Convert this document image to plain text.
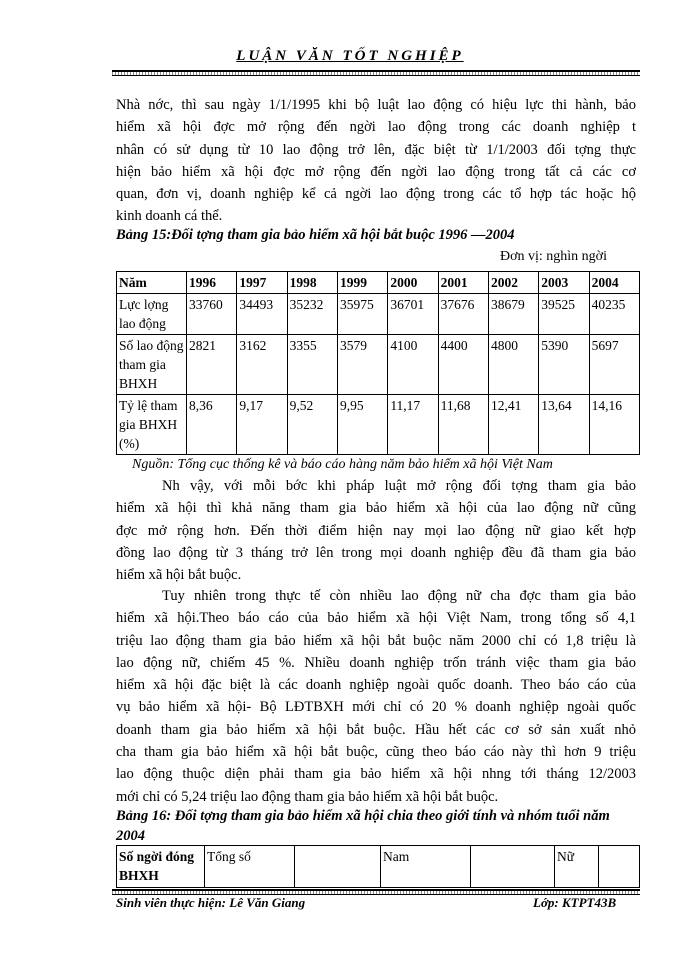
LUẬN VĂN TỐT NGHIỆP
Nhà nớc, thì sau ngày 1/1/1995 khi bộ luật lao động có hiệu lực thi hành, bảo
hiểm xã hội đợc mở rộng đến ngời lao động trong các doanh nghiệp t
nhân có sử dụng từ 10 lao động trở lên, đặc biệt từ 1/1/2003 đối tợng thực
hiện bảo hiểm xã hội đợc mở rộng đến ngời lao động trong tất cả các cơ
quan, đơn vị, doanh nghiệp kể cả ngời lao động trong các tổ hợp tác hoặc hộ
kinh doanh cá thể.
Bảng 15:Đối tợng tham gia bảo hiểm xã hội bắt buộc 1996 —2004
Đơn vị: nghìn ngời
Năm	1996	1997	1998	1999	2000	2001	2002	2003	2004
Lực lợng lao động	33760	34493	35232	35975	36701	37676	38679	39525	40235
Số lao động tham gia BHXH	2821	3162	3355	3579	4100	4400	4800	5390	5697
Tỷ lệ tham gia BHXH (%)	8,36	9,17	9,52	9,95	11,17	11,68	12,41	13,64	14,16
Nguồn: Tổng cục thống kê và báo cáo hàng năm bảo hiểm xã hội Việt Nam
Nh vậy, với mỗi bớc khi pháp luật mở rộng đối tợng tham gia bảo
hiểm xã hội thì khả năng tham gia bảo hiểm xã hội của lao động nữ cũng
đợc mở rộng hơn. Đến thời điểm hiện nay mọi lao động nữ giao kết hợp
đồng lao động từ 3 tháng trở lên trong mọi doanh nghiệp đều đã tham gia bảo
hiểm xã hội bắt buộc.
Tuy nhiên trong thực tế còn nhiều lao động nữ cha đợc tham gia bảo
hiểm xã hội.Theo báo cáo của bảo hiểm xã hội Việt Nam, trong tổng số 4,1
triệu lao động tham gia bảo hiểm xã hội bắt buộc năm 2000 chỉ có 1,8 triệu là
lao động nữ, chiếm 45 %. Nhiều doanh nghiệp trốn tránh việc tham gia bảo
hiểm xã hội đặc biệt là các doanh nghiệp ngoài quốc doanh. Theo báo cáo của
vụ bảo hiểm xã hội- Bộ LĐTBXH mới chỉ có 20 % doanh nghiệp ngoài quốc
doanh tham gia bảo hiểm xã hội bắt buộc. Hầu hết các cơ sở sản xuất nhỏ
cha tham gia bảo hiểm xã hội bắt buộc, cũng theo báo cáo này thì hơn 9 triệu
lao động thuộc diện phải tham gia bảo hiểm xã hội nhng tới tháng 12/2003
mới chỉ có 5,24 triệu lao động tham gia bảo hiểm xã hội bắt buộc.
Bảng 16: Đối tợng tham gia bảo hiểm xã hội chia theo giới tính và nhóm tuổi năm 2004
Số ngời đóng BHXH	Tổng số		Nam		Nữ	
Sinh viên thực hiện: Lê Văn Giang	Lớp: KTPT43B
